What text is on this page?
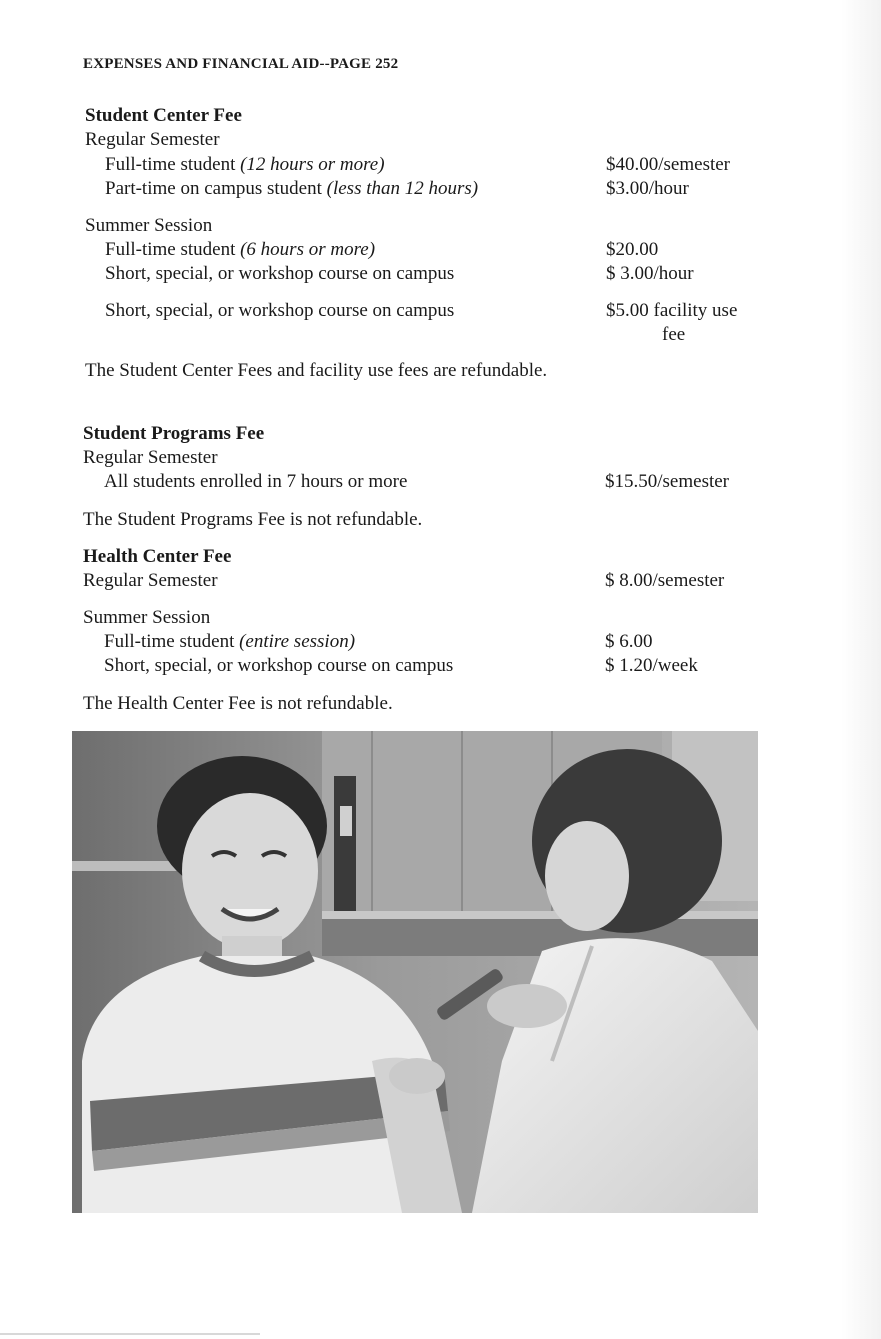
EXPENSES AND FINANCIAL AID--PAGE 252
Student Center Fee
Regular Semester
Full-time student (12 hours or more)	$40.00/semester
Part-time on campus student (less than 12 hours)	$3.00/hour
Summer Session
Full-time student (6 hours or more)	$20.00
Short, special, or workshop course on campus	$ 3.00/hour
Short, special, or workshop course on campus	$5.00 facility use
fee
The Student Center Fees and facility use fees are refundable.
Student Programs Fee
Regular Semester
All students enrolled in 7 hours or more	$15.50/semester
The Student Programs Fee is not refundable.
Health Center Fee
Regular Semester	$ 8.00/semester
Summer Session
Full-time student (entire session)	$ 6.00
Short, special, or workshop course on campus	$ 1.20/week
The Health Center Fee is not refundable.
